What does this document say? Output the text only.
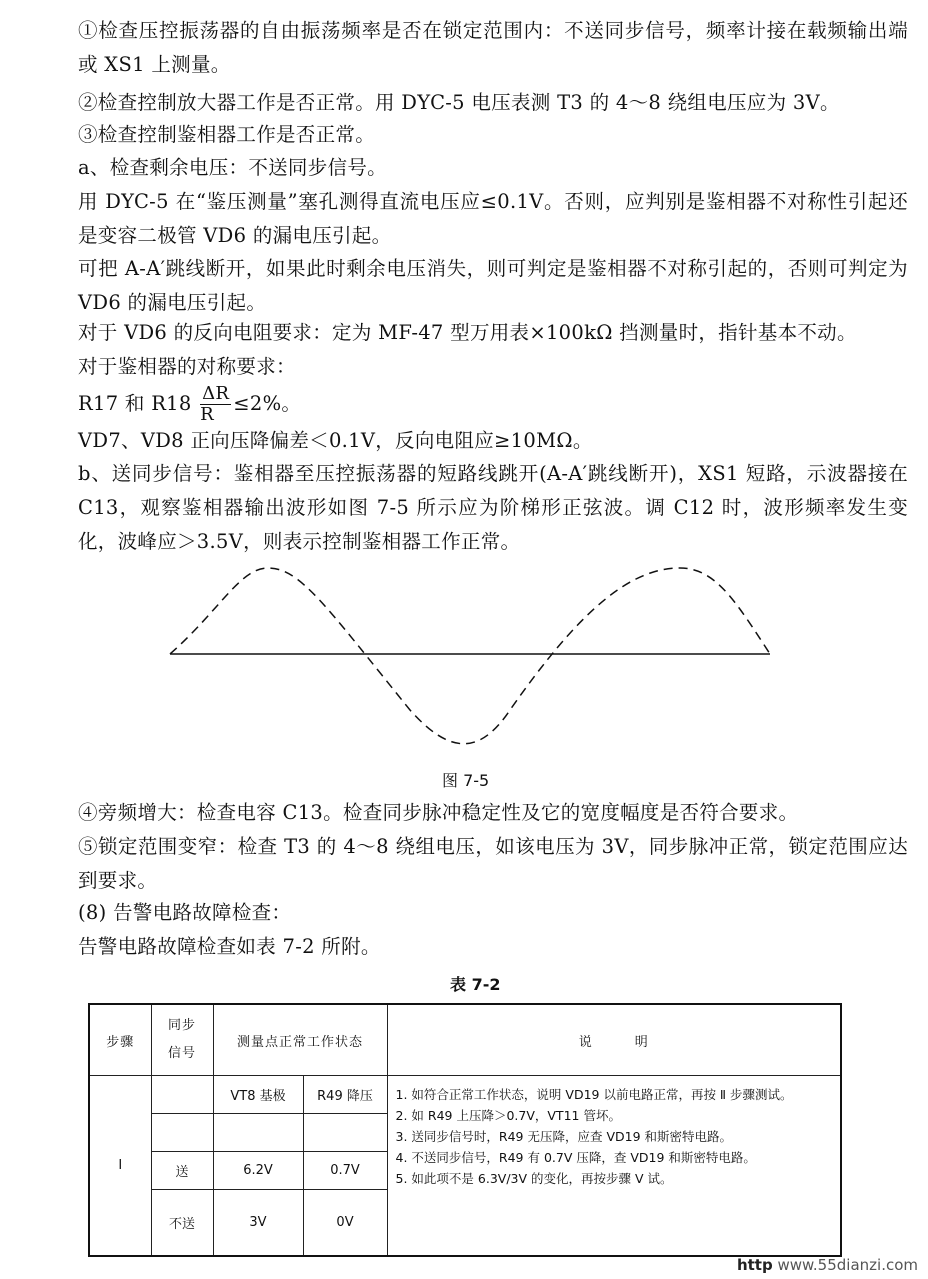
①检查压控振荡器的自由振荡频率是否在锁定范围内：不送同步信号，频率计接在载频输出端或 XS1 上测量。

②检查控制放大器工作是否正常。用 DYC-5 电压表测 T3 的 4～8 绕组电压应为 3V。

③检查控制鉴相器工作是否正常。

a、检查剩余电压：不送同步信号。

用 DYC-5 在“鉴压测量”塞孔测得直流电压应≤0.1V。否则，应判别是鉴相器不对称性引起还是变容二极管 VD6 的漏电压引起。

可把 A-A′跳线断开，如果此时剩余电压消失，则可判定是鉴相器不对称引起的，否则可判定为 VD6 的漏电压引起。

对于 VD6 的反向电阻要求：定为 MF-47 型万用表×100kΩ 挡测量时，指针基本不动。

对于鉴相器的对称要求：

R17 和 $R18 \frac{\Delta R}{R} \le 2\%$。

VD7、VD8 正向压降偏差＜0.1V，反向电阻应≥10MΩ。

b、送同步信号：鉴相器至压控振荡器的短路线跳开(A-A′跳线断开)，XS1 短路，示波器接在 C13，观察鉴相器输出波形如图 7-5 所示应为阶梯形正弦波。调 C12 时，波形频率发生变化，波峰应＞3.5V，则表示控制鉴相器工作正常。

图 7-5

④旁频增大：检查电容 C13。检查同步脉冲稳定性及它的宽度幅度是否符合要求。

⑤锁定范围变窄：检查 T3 的 4～8 绕组电压，如该电压为 3V，同步脉冲正常，锁定范围应达到要求。

(8) 告警电路故障检查：

告警电路故障检查如表 7-2 所附。

表 7-2
步骤	同步信号	测量点正常工作状态		说　　　明
I		VT8 基极	R49 降压	1. 如符合正常工作状态，说明 VD19 以前电路正常，再按 Ⅱ 步骤测试。
2. 如 R49 上压降＞0.7V，VT11 管坏。
3. 送同步信号时，R49 无压降，应查 VD19 和斯密特电路。
4. 不送同步信号，R49 有 0.7V 压降，查 VD19 和斯密特电路。
5. 如此项不是 6.3V/3V 的变化，再按步骤 V 试。

	送	6.2V	0.7V	
	不送	3V	0V	
http www.55dianzi.com
